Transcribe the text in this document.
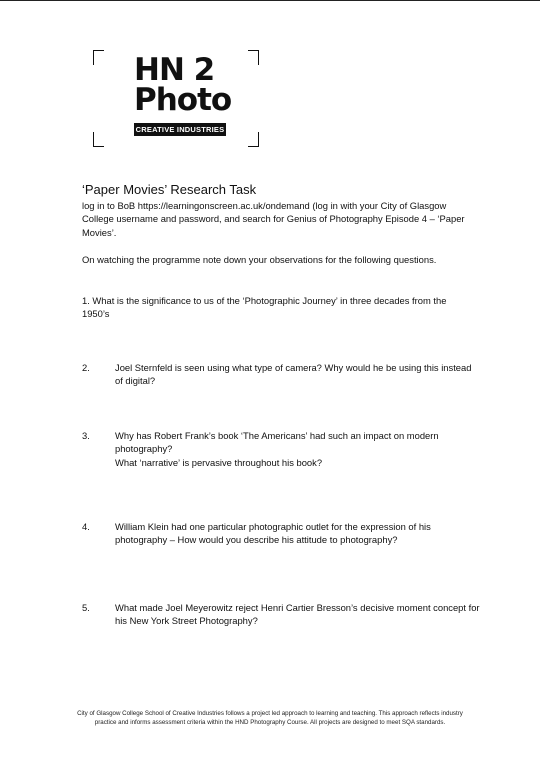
HN 2
Photo
CREATIVE INDUSTRIES
‘Paper Movies’ Research Task

log in to BoB https://learningonscreen.ac.uk/ondemand (log in with your City of Glasgow College username and password, and search for Genius of Photography Episode 4 – ‘Paper Movies’.

On watching the programme note down your observations for the following questions.

1. What is the significance to us of the ‘Photographic Journey’ in three decades from the 1950’s

2.	Joel Sternfeld is seen using what type of camera? Why would he be using this instead of digital?

3.	Why has Robert Frank’s book ‘The Americans’ had such an impact on modern photography?
What ‘narrative’ is pervasive throughout his book?
4.	William Klein had one particular photographic outlet for the expression of his photography – How would you describe his attitude to photography?

5.	What made Joel Meyerowitz reject Henri Cartier Bresson’s decisive moment concept for his New York Street Photography?

City of Glasgow College School of Creative Industries follows a project led approach to learning and teaching. This approach reflects industry practice and informs assessment criteria within the HND Photography Course. All projects are designed to meet SQA standards.
